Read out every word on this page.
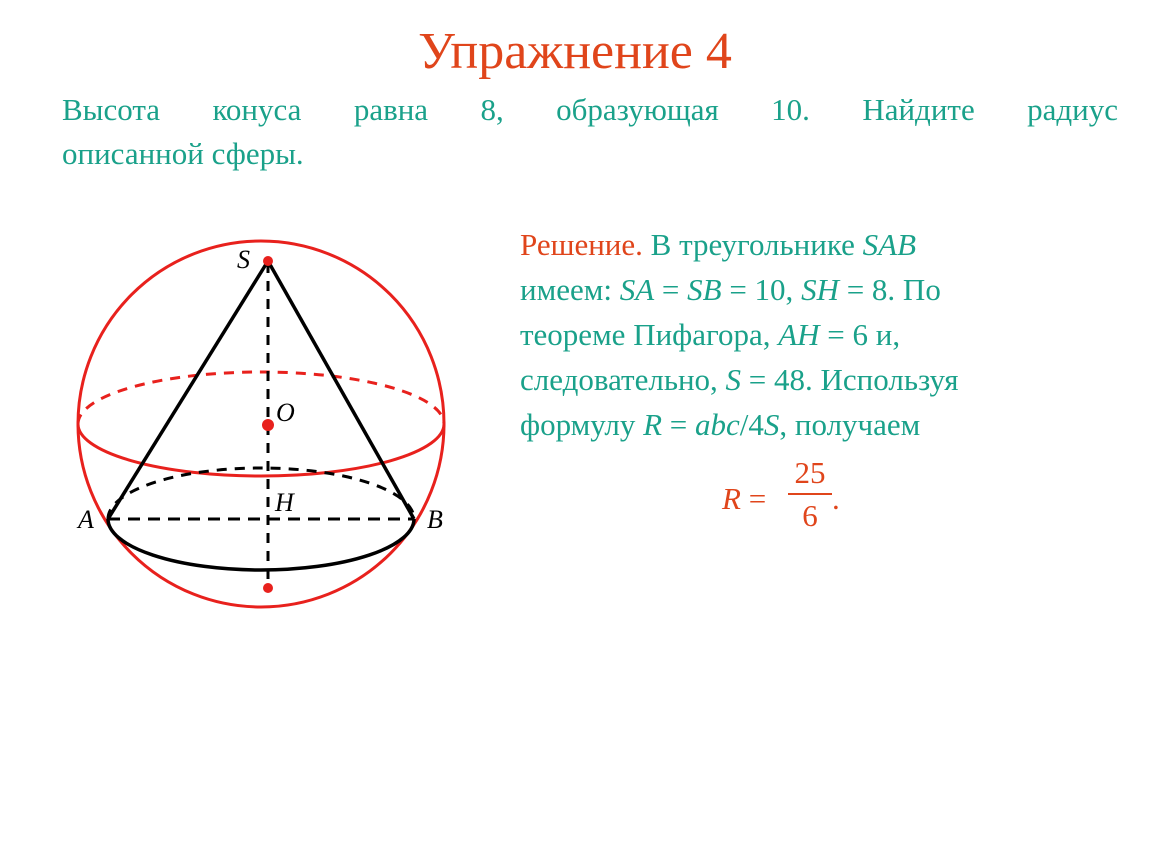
Упражнение 4
Высота конуса равна 8, образующая 10. Найдите радиус
описанной сферы.
S
O
H
A	B
Решение. В треугольнике SAB
имеем: SA = SB = 10, SH = 8. По
теореме Пифагора, AH = 6 и,
следовательно, S = 48. Используя
формулу R = abc/4S, получаем
R =
25
6 .
